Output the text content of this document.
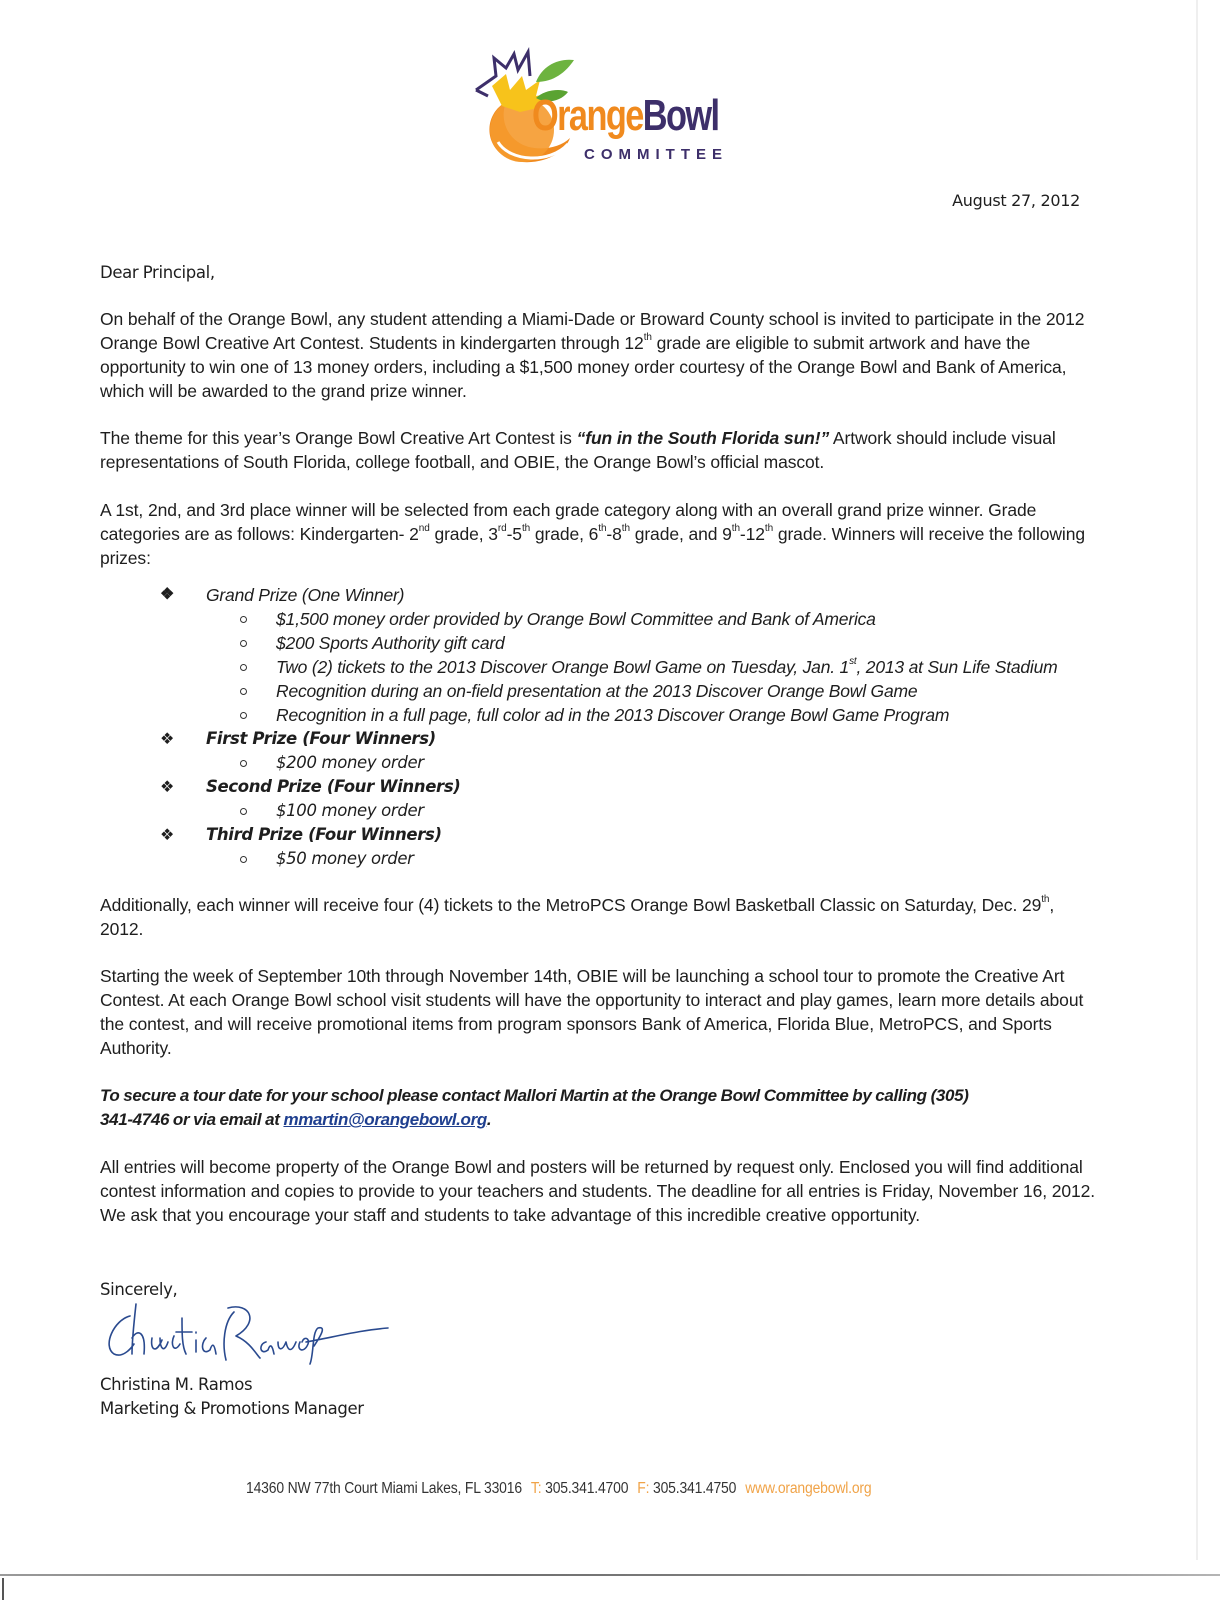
OrangeBowl
COMMITTEE
August 27, 2012
Dear Principal,
On behalf of the Orange Bowl, any student attending a Miami-Dade or Broward County school is invited to participate in the 2012 Orange Bowl Creative Art Contest. Students in kindergarten through 12th grade are eligible to submit artwork and have the opportunity to win one of 13 money orders, including a $1,500 money order courtesy of the Orange Bowl and Bank of America, which will be awarded to the grand prize winner.
The theme for this year’s Orange Bowl Creative Art Contest is “fun in the South Florida sun!” Artwork should include visual representations of South Florida, college football, and OBIE, the Orange Bowl’s official mascot.
A 1st, 2nd, and 3rd place winner will be selected from each grade category along with an overall grand prize winner. Grade categories are as follows: Kindergarten- 2nd grade, 3rd-5th grade, 6th-8th grade, and 9th-12th grade. Winners will receive the following prizes:
❖ Grand Prize (One Winner)
$1,500 money order provided by Orange Bowl Committee and Bank of America
$200 Sports Authority gift card
Two (2) tickets to the 2013 Discover Orange Bowl Game on Tuesday, Jan. 1st, 2013 at Sun Life Stadium
Recognition during an on-field presentation at the 2013 Discover Orange Bowl Game
Recognition in a full page, full color ad in the 2013 Discover Orange Bowl Game Program
❖ First Prize (Four Winners)
$200 money order
❖ Second Prize (Four Winners)
$100 money order
❖ Third Prize (Four Winners)
$50 money order
Additionally, each winner will receive four (4) tickets to the MetroPCS Orange Bowl Basketball Classic on Saturday, Dec. 29th, 2012.
Starting the week of September 10th through November 14th, OBIE will be launching a school tour to promote the Creative Art Contest. At each Orange Bowl school visit students will have the opportunity to interact and play games, learn more details about the contest, and will receive promotional items from program sponsors Bank of America, Florida Blue, MetroPCS, and Sports Authority.
To secure a tour date for your school please contact Mallori Martin at the Orange Bowl Committee by calling (305) 341-4746 or via email at mmartin@orangebowl.org.
All entries will become property of the Orange Bowl and posters will be returned by request only. Enclosed you will find additional contest information and copies to provide to your teachers and students. The deadline for all entries is Friday, November 16, 2012. We ask that you encourage your staff and students to take advantage of this incredible creative opportunity.
Sincerely,
Christina M. Ramos
Marketing & Promotions Manager
14360 NW 77th Court Miami Lakes, FL 33016 T: 305.341.4700 F: 305.341.4750 www.orangebowl.org
